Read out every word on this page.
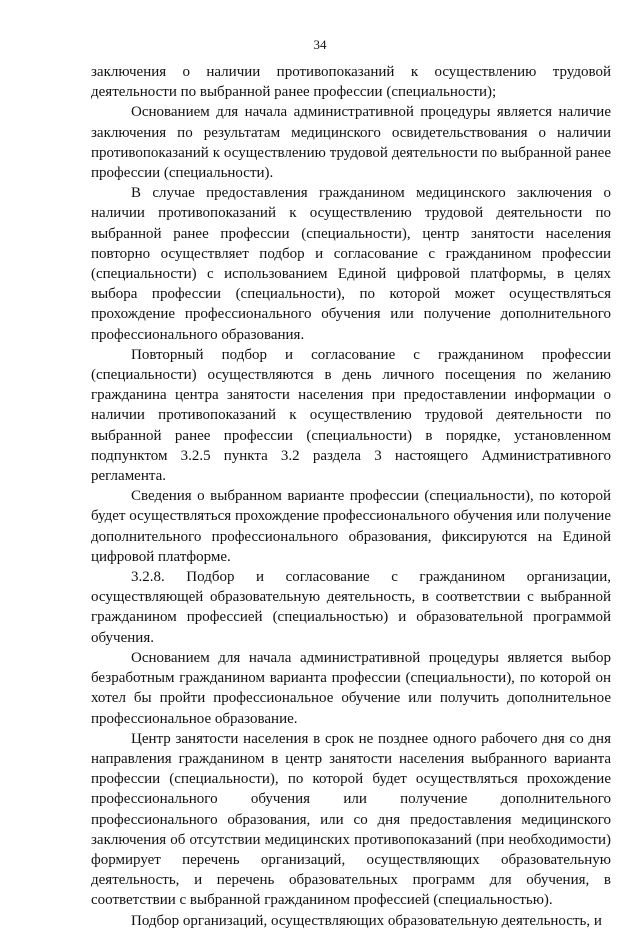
34

заключения о наличии противопоказаний к осуществлению трудовой деятельности по выбранной ранее профессии (специальности);

Основанием для начала административной процедуры является наличие заключения по результатам медицинского освидетельствования о наличии противопоказаний к осуществлению трудовой деятельности по выбранной ранее профессии (специальности).

В случае предоставления гражданином медицинского заключения о наличии противопоказаний к осуществлению трудовой деятельности по выбранной ранее профессии (специальности), центр занятости населения повторно осуществляет подбор и согласование с гражданином профессии (специальности) с использованием Единой цифровой платформы, в целях выбора профессии (специальности), по которой может осуществляться прохождение профессионального обучения или получение дополнительного профессионального образования.

Повторный подбор и согласование с гражданином профессии (специальности) осуществляются в день личного посещения по желанию гражданина центра занятости населения при предоставлении информации о наличии противопоказаний к осуществлению трудовой деятельности по выбранной ранее профессии (специальности) в порядке, установленном подпунктом 3.2.5 пункта 3.2 раздела 3 настоящего Административного регламента.

Сведения о выбранном варианте профессии (специальности), по которой будет осуществляться прохождение профессионального обучения или получение дополнительного профессионального образования, фиксируются на Единой цифровой платформе.

3.2.8. Подбор и согласование с гражданином организации, осуществляющей образовательную деятельность, в соответствии с выбранной гражданином профессией (специальностью) и образовательной программой обучения.

Основанием для начала административной процедуры является выбор безработным гражданином варианта профессии (специальности), по которой он хотел бы пройти профессиональное обучение или получить дополнительное профессиональное образование.

Центр занятости населения в срок не позднее одного рабочего дня со дня направления гражданином в центр занятости населения выбранного варианта профессии (специальности), по которой будет осуществляться прохождение профессионального обучения или получение дополнительного профессионального образования, или со дня предоставления медицинского заключения об отсутствии медицинских противопоказаний (при необходимости) формирует перечень организаций, осуществляющих образовательную деятельность, и перечень образовательных программ для обучения, в соответствии с выбранной гражданином профессией (специальностью).

Подбор организаций, осуществляющих образовательную деятельность, и
